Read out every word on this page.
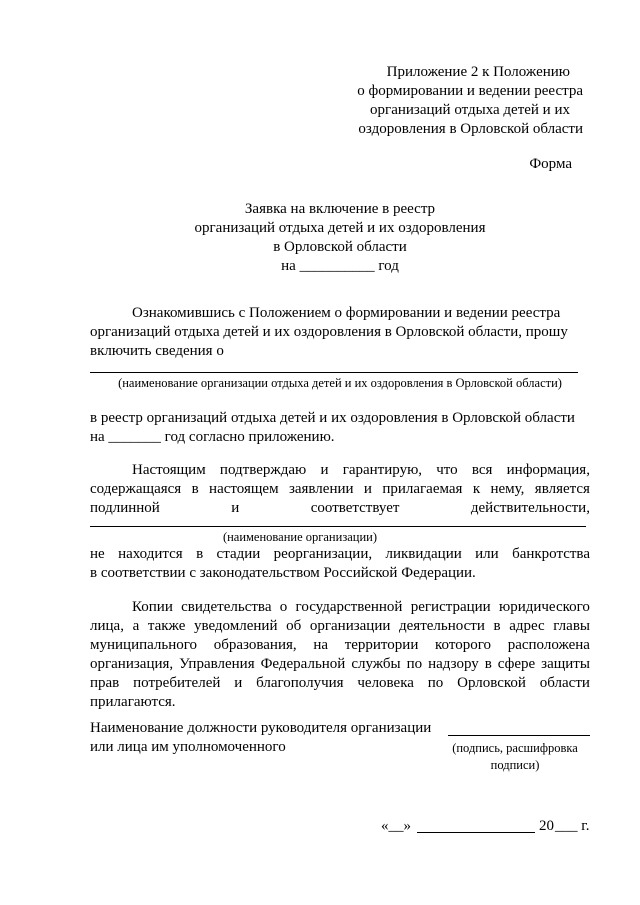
Приложение 2 к Положению
о формировании и ведении реестра
организаций отдыха детей и их
оздоровления в Орловской области
Форма
Заявка на включение в реестр
организаций отдыха детей и их оздоровления
в Орловской области
на __________ год
Ознакомившись с Положением о формировании и ведении реестра
организаций отдыха детей и их оздоровления в Орловской области, прошу
включить сведения о
(наименование организации отдыха детей и их оздоровления в Орловской области)
в реестр организаций отдыха детей и их оздоровления в Орловской области
на _______ год согласно приложению.
Настоящим подтверждаю и гарантирую, что вся информация,
содержащаяся в настоящем заявлении и прилагаемая к нему, является
подлинной	и	соответствует	действительности,
(наименование организации)
не находится в стадии реорганизации, ликвидации или банкротства
в соответствии с законодательством Российской Федерации.
Копии свидетельства о государственной регистрации юридического
лица, а также уведомлений об организации деятельности в адрес главы
муниципального образования, на территории которого расположена
организация, Управления Федеральной службы по надзору в сфере защиты
прав потребителей и благополучия человека по Орловской области
прилагаются.
Наименование должности руководителя организации
или лица им уполномоченного	(подпись, расшифровка
подписи)
«__»	20 ___ г.
